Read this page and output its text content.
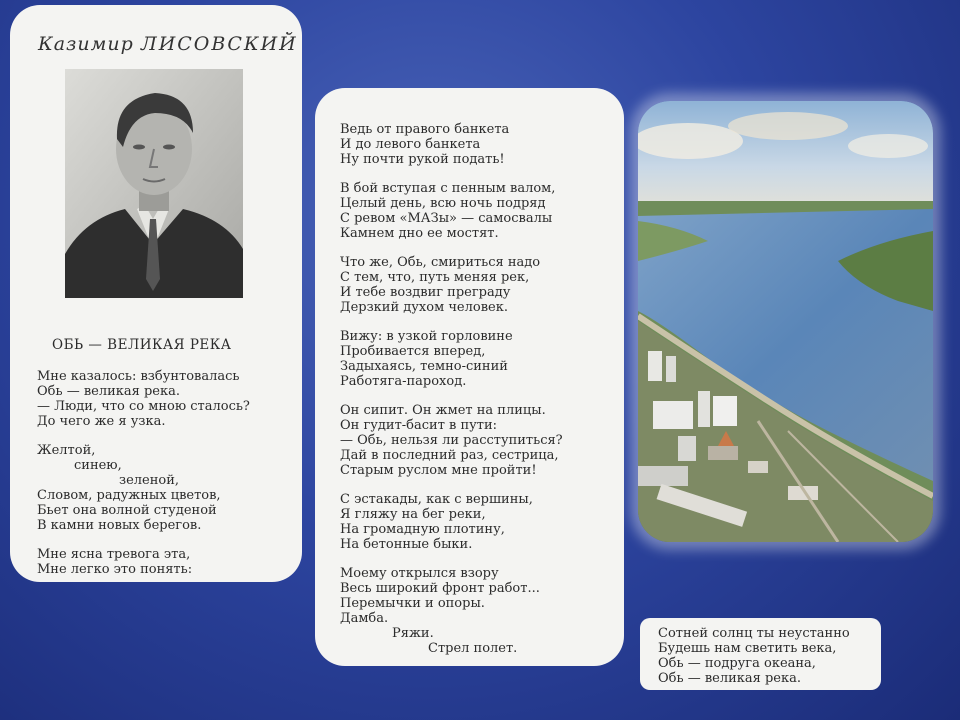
Казимир ЛИСОВСКИЙ
ОБЬ — ВЕЛИКАЯ РЕКА

Мне казалось: взбунтовалась

Обь — великая река.

— Люди, что со мною сталось?

До чего же я узка.

Желтой,

синею,

зеленой,

Словом, радужных цветов,

Бьет она волной студеной

В камни новых берегов.

Мне ясна тревога эта,

Мне легко это понять:

Ведь от правого банкета

И до левого банкета

Ну почти рукой подать!

В бой вступая с пенным валом,

Целый день, всю ночь подряд

С ревом «МАЗы» — самосвалы

Камнем дно ее мостят.

Что же, Обь, смириться надо

С тем, что, путь меняя рек,

И тебе воздвиг преграду

Дерзкий духом человек.

Вижу: в узкой горловине

Пробивается вперед,

Задыхаясь, темно-синий

Работяга-пароход.

Он сипит. Он жмет на плицы.

Он гудит-басит в пути:

— Обь, нельзя ли расступиться?

Дай в последний раз, сестрица,

Старым руслом мне пройти!

С эстакады, как с вершины,

Я гляжу на бег реки,

На громадную плотину,

На бетонные быки.

Моему открылся взору

Весь широкий фронт работ...

Перемычки и опоры.

Дамба.

Ряжи.

Стрел полет.

Сотней солнц ты неустанно

Будешь нам светить века,

Обь — подруга океана,

Обь — великая река.
